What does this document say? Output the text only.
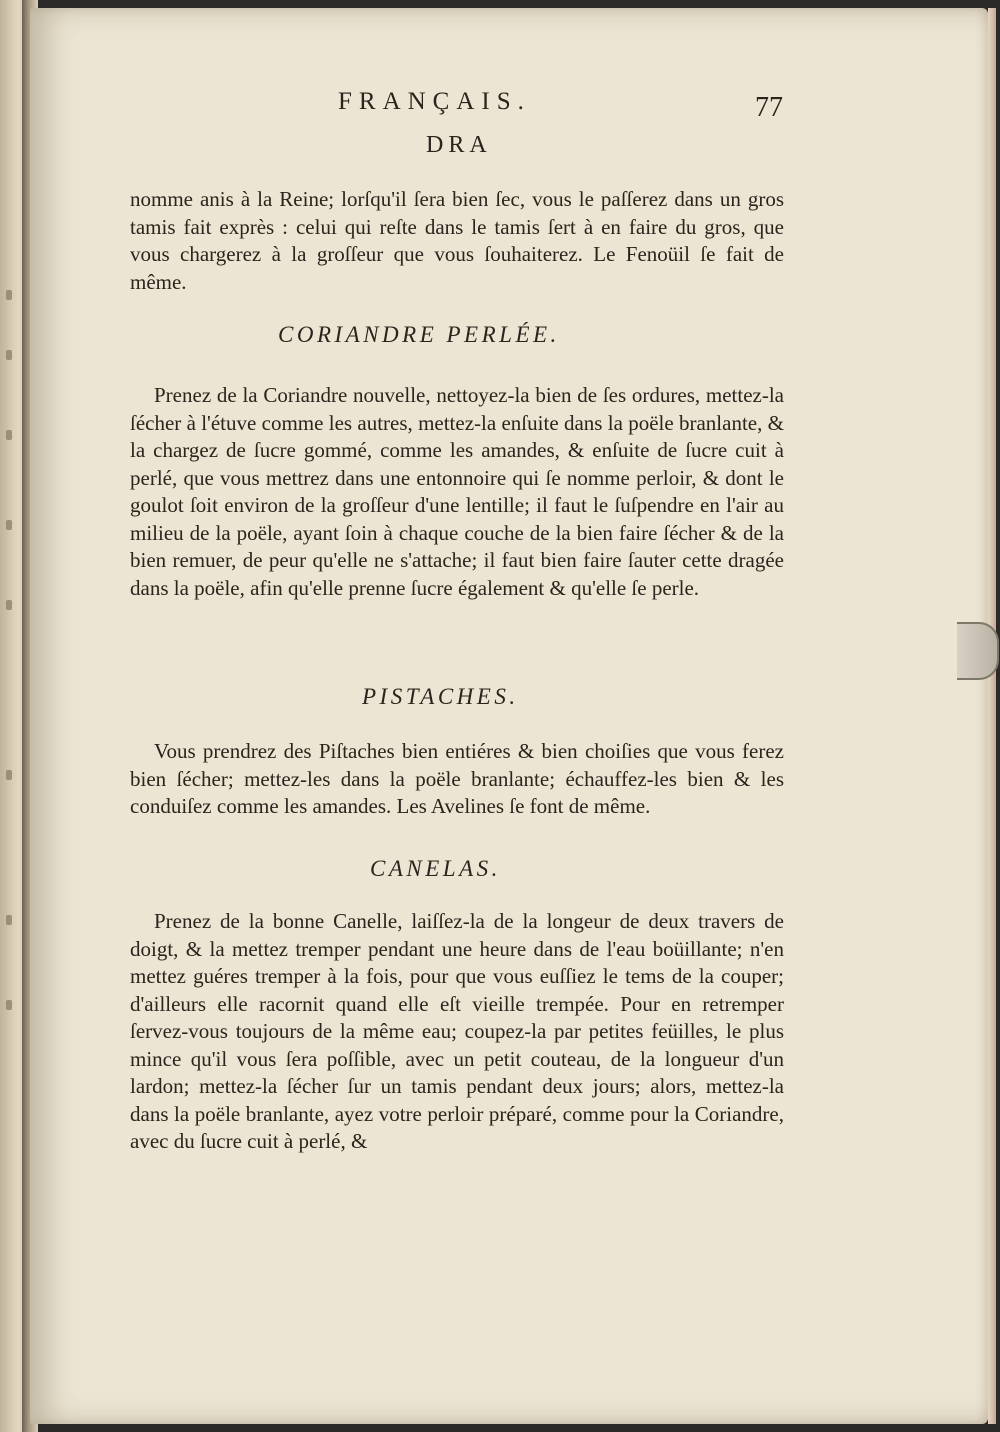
FRANÇAIS.	77
DRA

nomme anis à la Reine; lorſqu'il ſera bien ſec, vous le paſſerez dans un gros tamis fait exprès : celui qui reſte dans le tamis ſert à en faire du gros, que vous chargerez à la groſſeur que vous ſouhaiterez. Le Fenoüil ſe fait de même.

CORIANDRE PERLÉE.

Prenez de la Coriandre nouvelle, nettoyez-la bien de ſes ordures, mettez-la ſécher à l'étuve comme les autres, mettez-la enſuite dans la poële branlante, & la chargez de ſucre gommé, comme les amandes, & enſuite de ſucre cuit à perlé, que vous mettrez dans une entonnoire qui ſe nomme perloir, & dont le goulot ſoit environ de la groſſeur d'une lentille; il faut le ſuſpendre en l'air au milieu de la poële, ayant ſoin à chaque couche de la bien faire ſécher & de la bien remuer, de peur qu'elle ne s'attache; il faut bien faire ſauter cette dragée dans la poële, afin qu'elle prenne ſucre également & qu'elle ſe perle.

PISTACHES.

Vous prendrez des Piſtaches bien entiéres & bien choiſies que vous ferez bien ſécher; mettez-les dans la poële branlante; échauffez-les bien & les conduiſez comme les amandes. Les Avelines ſe font de même.

CANELAS.

Prenez de la bonne Canelle, laiſſez-la de la longeur de deux travers de doigt, & la mettez tremper pendant une heure dans de l'eau boüillante; n'en mettez guéres tremper à la fois, pour que vous euſſiez le tems de la couper; d'ailleurs elle racornit quand elle eſt vieille trempée. Pour en retremper ſervez-vous toujours de la même eau; coupez-la par petites feüilles, le plus mince qu'il vous ſera poſſible, avec un petit couteau, de la longueur d'un lardon; mettez-la ſécher ſur un tamis pendant deux jours; alors, mettez-la dans la poële branlante, ayez votre perloir préparé, comme pour la Coriandre, avec du ſucre cuit à perlé, &
